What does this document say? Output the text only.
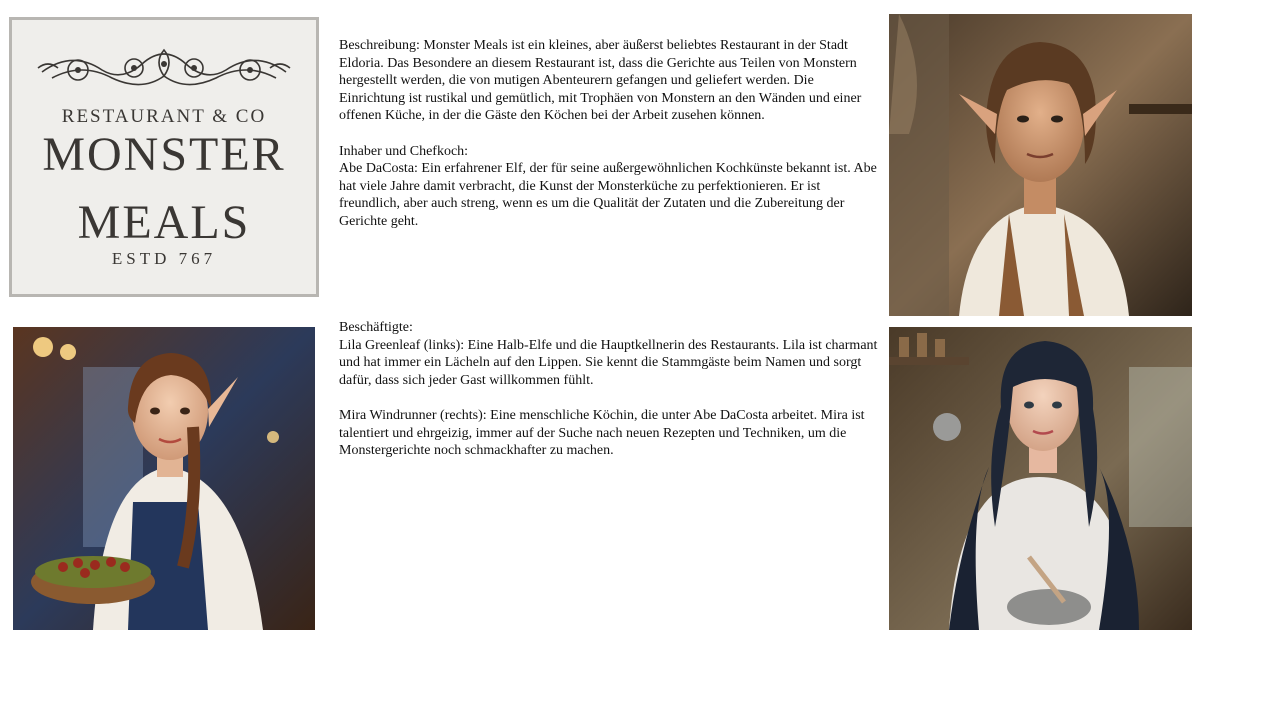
RESTAURANT & CO
MONSTER
MEALS
ESTD 767
Beschreibung: Monster Meals ist ein kleines, aber äußerst beliebtes Restaurant in der Stadt Eldoria. Das Besondere an diesem Restaurant ist, dass die Gerichte aus Teilen von Monstern hergestellt werden, die von mutigen Abenteurern gefangen und geliefert werden. Die Einrichtung ist rustikal und gemütlich, mit Trophäen von Monstern an den Wänden und einer offenen Küche, in der die Gäste den Köchen bei der Arbeit zusehen können.

Inhaber und Chefkoch:
Abe DaCosta: Ein erfahrener Elf, der für seine außergewöhnlichen Kochkünste bekannt ist. Abe hat viele Jahre damit verbracht, die Kunst der Monsterküche zu perfektionieren. Er ist freundlich, aber auch streng, wenn es um die Qualität der Zutaten und die Zubereitung der Gerichte geht.
Beschäftigte:
Lila Greenleaf (links): Eine Halb-Elfe und die Hauptkellnerin des Restaurants. Lila ist charmant und hat immer ein Lächeln auf den Lippen. Sie kennt die Stammgäste beim Namen und sorgt dafür, dass sich jeder Gast willkommen fühlt.

Mira Windrunner (rechts): Eine menschliche Köchin, die unter Abe DaCosta arbeitet. Mira ist talentiert und ehrgeizig, immer auf der Suche nach neuen Rezepten und Techniken, um die Monstergerichte noch schmackhafter zu machen.
